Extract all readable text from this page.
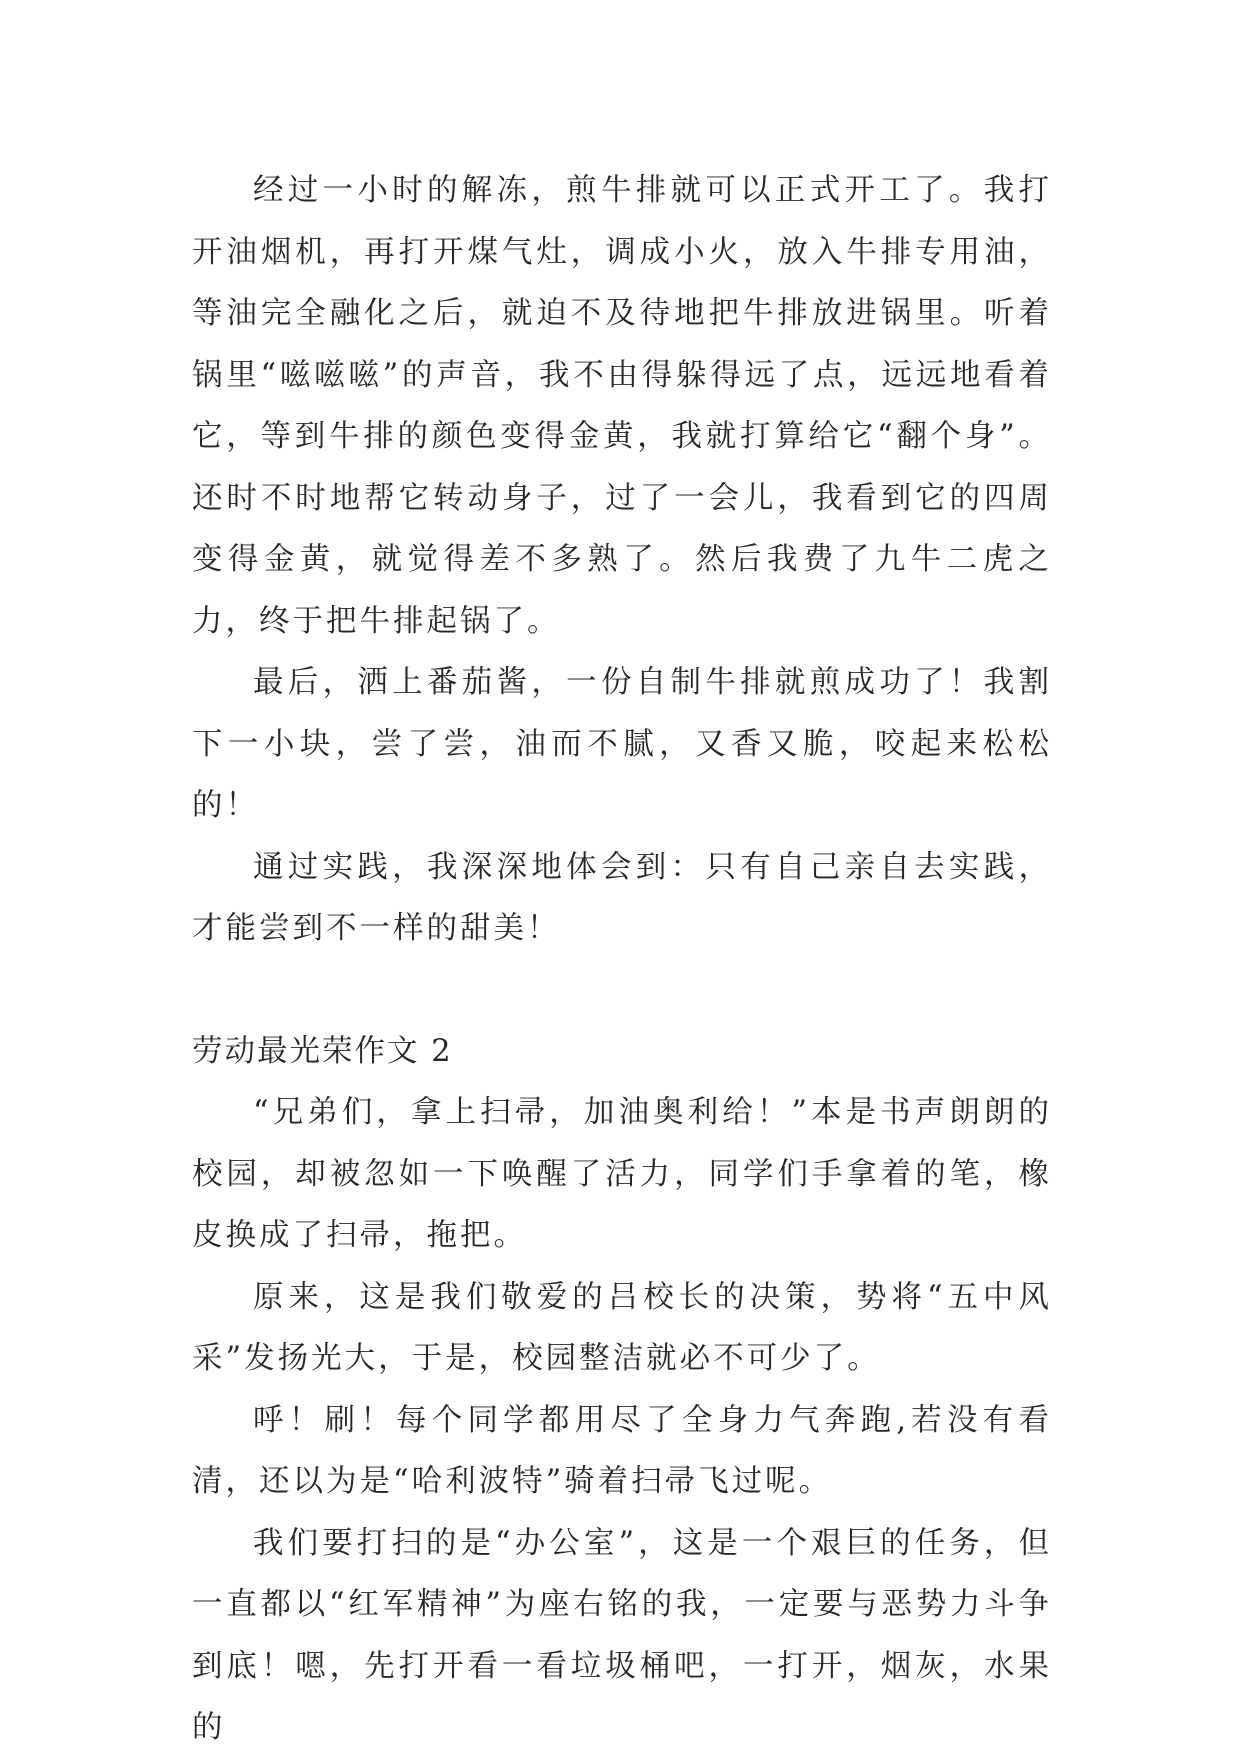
经过一小时的解冻，煎牛排就可以正式开工了。我打开油烟机，再打开煤气灶，调成小火，放入牛排专用油，等油完全融化之后，就迫不及待地把牛排放进锅里。听着锅里“嗞嗞嗞”的声音，我不由得躲得远了点，远远地看着它，等到牛排的颜色变得金黄，我就打算给它“翻个身”。还时不时地帮它转动身子，过了一会儿，我看到它的四周变得金黄，就觉得差不多熟了。然后我费了九牛二虎之力，终于把牛排起锅了。

最后，洒上番茄酱，一份自制牛排就煎成功了！我割下一小块，尝了尝，油而不腻，又香又脆，咬起来松松的！

通过实践，我深深地体会到：只有自己亲自去实践，才能尝到不一样的甜美！

劳动最光荣作文 2

“兄弟们，拿上扫帚，加油奥利给！”本是书声朗朗的校园，却被忽如一下唤醒了活力，同学们手拿着的笔，橡皮换成了扫帚，拖把。

原来，这是我们敬爱的吕校长的决策，势将“五中风采”发扬光大，于是，校园整洁就必不可少了。

呼！刷！每个同学都用尽了全身力气奔跑,若没有看清，还以为是“哈利波特”骑着扫帚飞过呢。

我们要打扫的是“办公室”，这是一个艰巨的任务，但一直都以“红军精神”为座右铭的我，一定要与恶势力斗争到底！嗯，先打开看一看垃圾桶吧，一打开，烟灰，水果的
